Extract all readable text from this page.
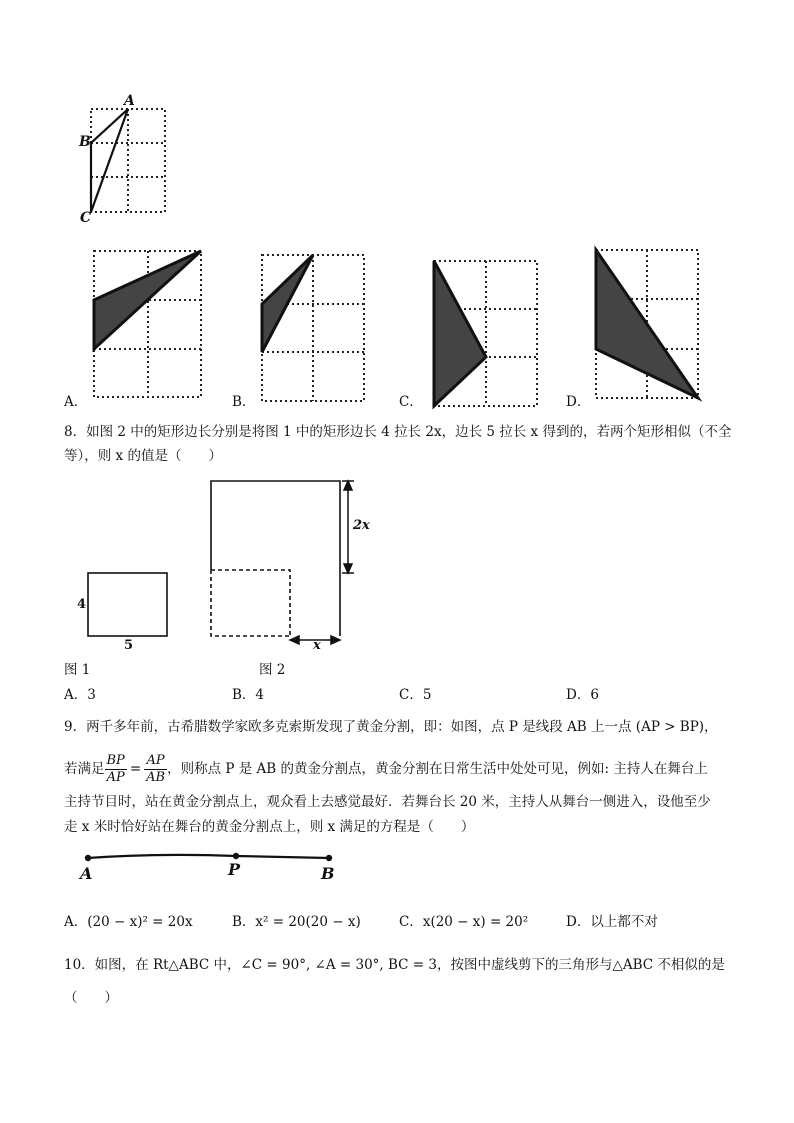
A
B
C
A．	B．	C．	D．
8．如图 2 中的矩形边长分别是将图 1 中的矩形边长 4 拉长 2x，边长 5 拉长 x 得到的，若两个矩形相似（不全
等），则 x 的值是（　　）
4
5
2x
x
图 1	图 2
A．3	B．4	C．5	D．6
9．两千多年前，古希腊数学家欧多克索斯发现了黄金分割，即：如图，点 P 是线段 AB 上一点 (AP > BP)，
若满足 $\frac{BP}{AP} = \frac{AP}{AB}$ ，则称点 P 是 AB 的黄金分割点，黄金分割在日常生活中处处可见，例如: 主持人在舞台上
主持节目时，站在黄金分割点上，观众看上去感觉最好．若舞台长 20 米，主持人从舞台一侧进入，设他至少
走 x 米时恰好站在舞台的黄金分割点上，则 x 满足的方程是（　　）
A	P	B
A．(20 − x)² = 20x	B．x² = 20(20 − x)	C．x(20 − x) = 20²	D．以上都不对
10．如图，在 Rt△ABC 中，∠C = 90°, ∠A = 30°, BC = 3，按图中虚线剪下的三角形与△ABC 不相似的是
（　　）
